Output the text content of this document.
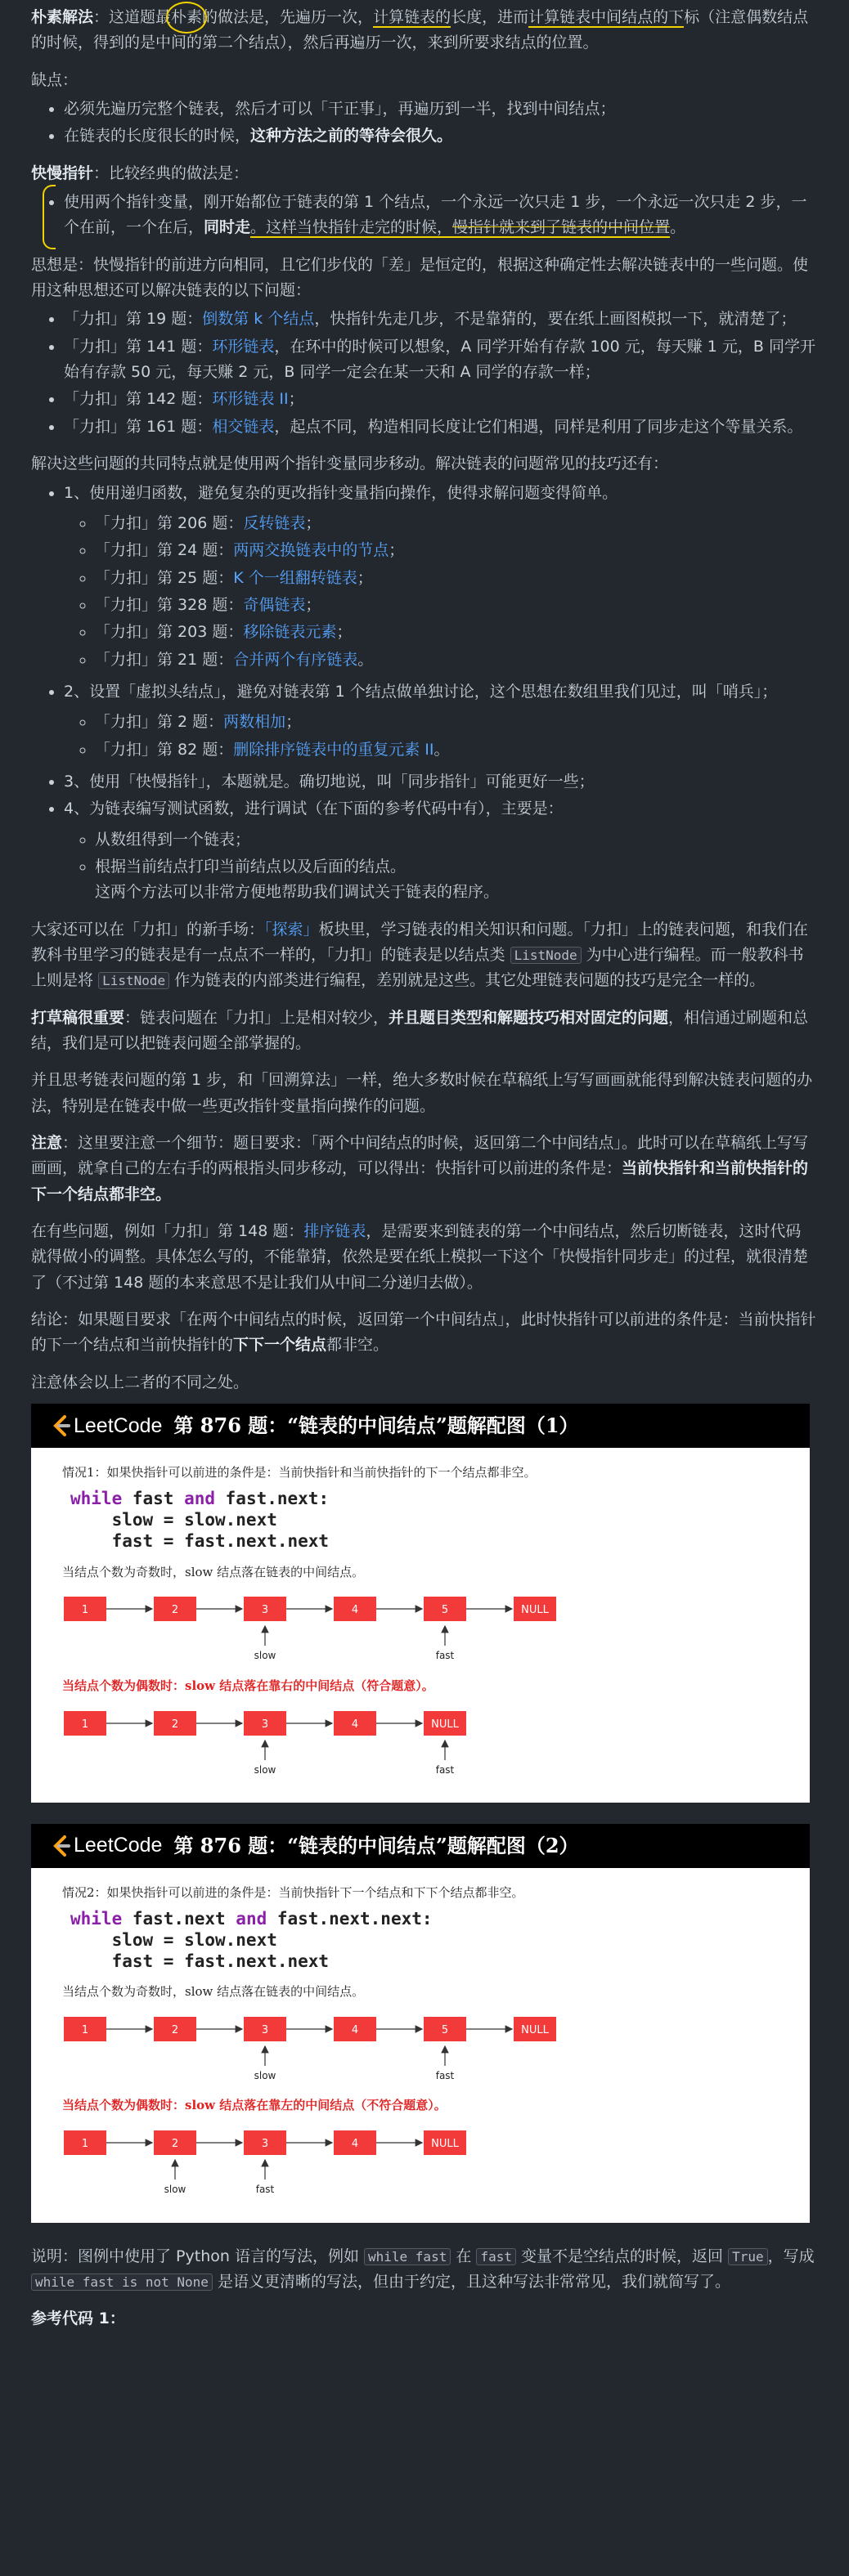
朴素解法：这道题最朴素的做法是，先遍历一次，计算链表的长度，进而计算链表中间结点的下标（注意偶数结点的时候，得到的是中间的第二个结点），然后再遍历一次，来到所要求结点的位置。

缺点：

• 必须先遍历完整个链表，然后才可以「干正事」，再遍历到一半，找到中间结点；
• 在链表的长度很长的时候，这种方法之前的等待会很久。

快慢指针：比较经典的做法是：

• 使用两个指针变量，刚开始都位于链表的第 1 个结点，一个永远一次只走 1 步，一个永远一次只走 2 步，一个在前，一个在后，同时走。这样当快指针走完的时候，慢指针就来到了链表的中间位置。

思想是：快慢指针的前进方向相同，且它们步伐的「差」是恒定的，根据这种确定性去解决链表中的一些问题。使用这种思想还可以解决链表的以下问题：

• 「力扣」第 19 题：倒数第 k 个结点，快指针先走几步，不是靠猜的，要在纸上画图模拟一下，就清楚了；
• 「力扣」第 141 题：环形链表，在环中的时候可以想象，A 同学开始有存款 100 元，每天赚 1 元，B 同学开始有存款 50 元，每天赚 2 元，B 同学一定会在某一天和 A 同学的存款一样；
• 「力扣」第 142 题：环形链表 II；
• 「力扣」第 161 题：相交链表，起点不同，构造相同长度让它们相遇，同样是利用了同步走这个等量关系。

解决这些问题的共同特点就是使用两个指针变量同步移动。解决链表的问题常见的技巧还有：

• 1、使用递归函数，避免复杂的更改指针变量指向操作，使得求解问题变得简单。
◦ 「力扣」第 206 题：反转链表；
◦ 「力扣」第 24 题：两两交换链表中的节点；
◦ 「力扣」第 25 题：K 个一组翻转链表；
◦ 「力扣」第 328 题：奇偶链表；
◦ 「力扣」第 203 题：移除链表元素；
◦ 「力扣」第 21 题：合并两个有序链表。
• 2、设置「虚拟头结点」，避免对链表第 1 个结点做单独讨论，这个思想在数组里我们见过，叫「哨兵」；
◦ 「力扣」第 2 题：两数相加；
◦ 「力扣」第 82 题：删除排序链表中的重复元素 II。
• 3、使用「快慢指针」，本题就是。确切地说，叫「同步指针」可能更好一些；
• 4、为链表编写测试函数，进行调试（在下面的参考代码中有），主要是：
◦ 从数组得到一个链表；
◦ 根据当前结点打印当前结点以及后面的结点。
这两个方法可以非常方便地帮助我们调试关于链表的程序。

大家还可以在「力扣」的新手场：「探索」板块里，学习链表的相关知识和问题。「力扣」上的链表问题，和我们在教科书里学习的链表是有一点点不一样的，「力扣」的链表是以结点类 ListNode 为中心进行编程。而一般教科书上则是将 ListNode 作为链表的内部类进行编程，差别就是这些。其它处理链表问题的技巧是完全一样的。

打草稿很重要：链表问题在「力扣」上是相对较少，并且题目类型和解题技巧相对固定的问题，相信通过刷题和总结，我们是可以把链表问题全部掌握的。

并且思考链表问题的第 1 步，和「回溯算法」一样，绝大多数时候在草稿纸上写写画画就能得到解决链表问题的办法，特别是在链表中做一些更改指针变量指向操作的问题。

注意：这里要注意一个细节：题目要求：「两个中间结点的时候，返回第二个中间结点」。此时可以在草稿纸上写写画画，就拿自己的左右手的两根指头同步移动，可以得出：快指针可以前进的条件是：当前快指针和当前快指针的下一个结点都非空。

在有些问题，例如「力扣」第 148 题：排序链表，是需要来到链表的第一个中间结点，然后切断链表，这时代码就得做小的调整。具体怎么写的，不能靠猜，依然是要在纸上模拟一下这个「快慢指针同步走」的过程，就很清楚了（不过第 148 题的本来意思不是让我们从中间二分递归去做）。

结论：如果题目要求「在两个中间结点的时候，返回第一个中间结点」，此时快指针可以前进的条件是：当前快指针的下一个结点和当前快指针的下下一个结点都非空。

注意体会以上二者的不同之处。

LeetCode 第 876 题：“链表的中间结点”题解配图（1）
情况1：如果快指针可以前进的条件是：当前快指针和当前快指针的下一个结点都非空。
while fast and fast.next:
slow = slow.next
fast = fast.next.next
当结点个数为奇数时，slow 结点落在链表的中间结点。
1	2	3	4	5	NULL
slow	fast
当结点个数为偶数时：slow 结点落在靠右的中间结点（符合题意）。
1	2	3	4	NULL
slow	fast
LeetCode 第 876 题：“链表的中间结点”题解配图（2）
情况2：如果快指针可以前进的条件是：当前快指针下一个结点和下下个结点都非空。
while fast.next and fast.next.next:
slow = slow.next
fast = fast.next.next
当结点个数为奇数时，slow 结点落在链表的中间结点。
1	2	3	4	5	NULL
slow	fast
当结点个数为偶数时：slow 结点落在靠左的中间结点（不符合题意）。
1	2	3	4	NULL
slow	fast

说明：图例中使用了 Python 语言的写法，例如 while fast 在 fast 变量不是空结点的时候，返回 True ，写成 while fast is not None 是语义更清晰的写法，但由于约定，且这种写法非常常见，我们就简写了。

参考代码 1：
